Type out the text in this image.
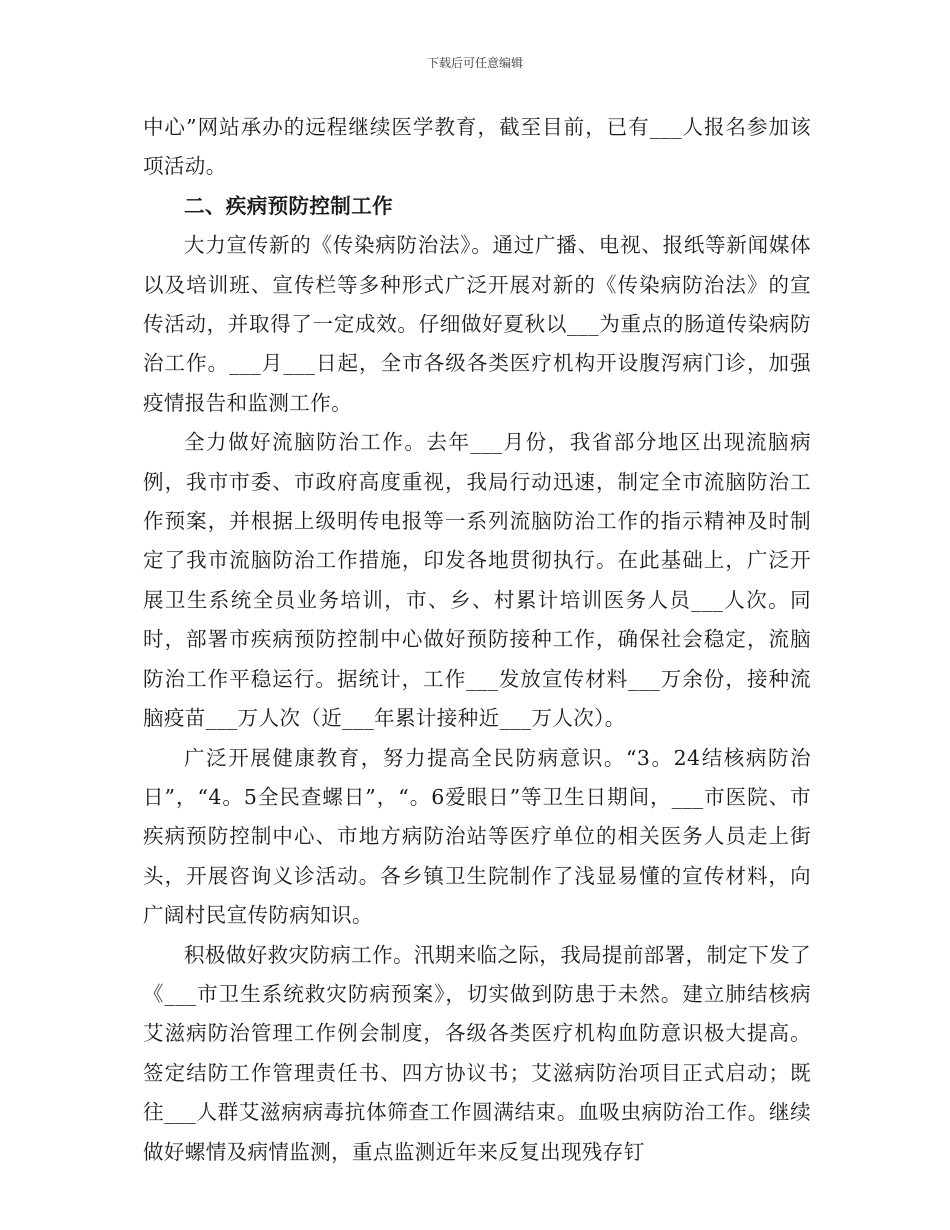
下载后可任意编辑

中心”网站承办的远程继续医学教育，截至目前，已有___人报名参加该项活动。

二、疾病预防控制工作

大力宣传新的《传染病防治法》。通过广播、电视、报纸等新闻媒体以及培训班、宣传栏等多种形式广泛开展对新的《传染病防治法》的宣传活动，并取得了一定成效。仔细做好夏秋以___为重点的肠道传染病防治工作。___月___日起，全市各级各类医疗机构开设腹泻病门诊，加强疫情报告和监测工作。

全力做好流脑防治工作。去年___月份，我省部分地区出现流脑病例，我市市委、市政府高度重视，我局行动迅速，制定全市流脑防治工作预案，并根据上级明传电报等一系列流脑防治工作的指示精神及时制定了我市流脑防治工作措施，印发各地贯彻执行。在此基础上，广泛开展卫生系统全员业务培训，市、乡、村累计培训医务人员___人次。同时，部署市疾病预防控制中心做好预防接种工作，确保社会稳定，流脑防治工作平稳运行。据统计，工作___发放宣传材料___万余份，接种流脑疫苗___万人次（近___年累计接种近___万人次）。

广泛开展健康教育，努力提高全民防病意识。“3。24结核病防治日”，“4。5全民查螺日”，“。6爱眼日”等卫生日期间，___市医院、市疾病预防控制中心、市地方病防治站等医疗单位的相关医务人员走上街头，开展咨询义诊活动。各乡镇卫生院制作了浅显易懂的宣传材料，向广阔村民宣传防病知识。

积极做好救灾防病工作。汛期来临之际，我局提前部署，制定下发了《___市卫生系统救灾防病预案》，切实做到防患于未然。建立肺结核病艾滋病防治管理工作例会制度，各级各类医疗机构血防意识极大提高。签定结防工作管理责任书、四方协议书；艾滋病防治项目正式启动；既往___人群艾滋病病毒抗体筛查工作圆满结束。血吸虫病防治工作。继续做好螺情及病情监测，重点监测近年来反复出现残存钉
